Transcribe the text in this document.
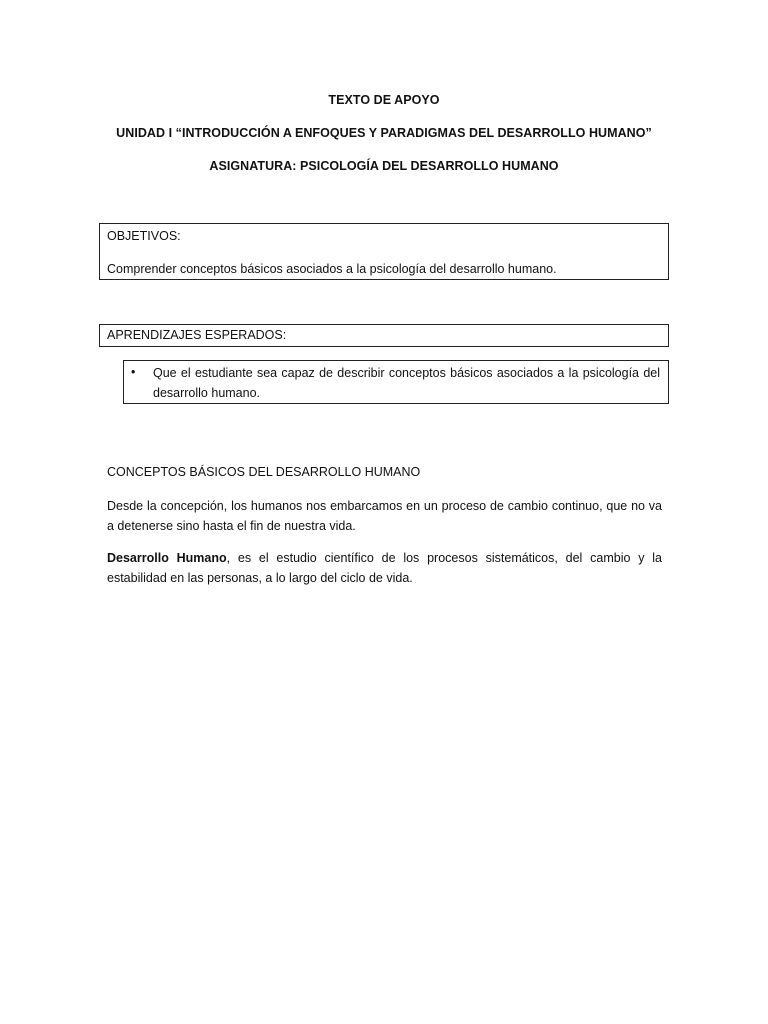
TEXTO DE APOYO
UNIDAD I “INTRODUCCIÓN A ENFOQUES Y PARADIGMAS DEL DESARROLLO HUMANO”
ASIGNATURA: PSICOLOGÍA DEL DESARROLLO HUMANO
OBJETIVOS:
Comprender conceptos básicos asociados a la psicología del desarrollo humano.
APRENDIZAJES ESPERADOS:
• Que el estudiante sea capaz de describir conceptos básicos asociados a la psicología del desarrollo humano.
CONCEPTOS BÁSICOS DEL DESARROLLO HUMANO
Desde la concepción, los humanos nos embarcamos en un proceso de cambio continuo, que no va a detenerse sino hasta el fin de nuestra vida.
Desarrollo Humano, es el estudio científico de los procesos sistemáticos, del cambio y la estabilidad en las personas, a lo largo del ciclo de vida.
